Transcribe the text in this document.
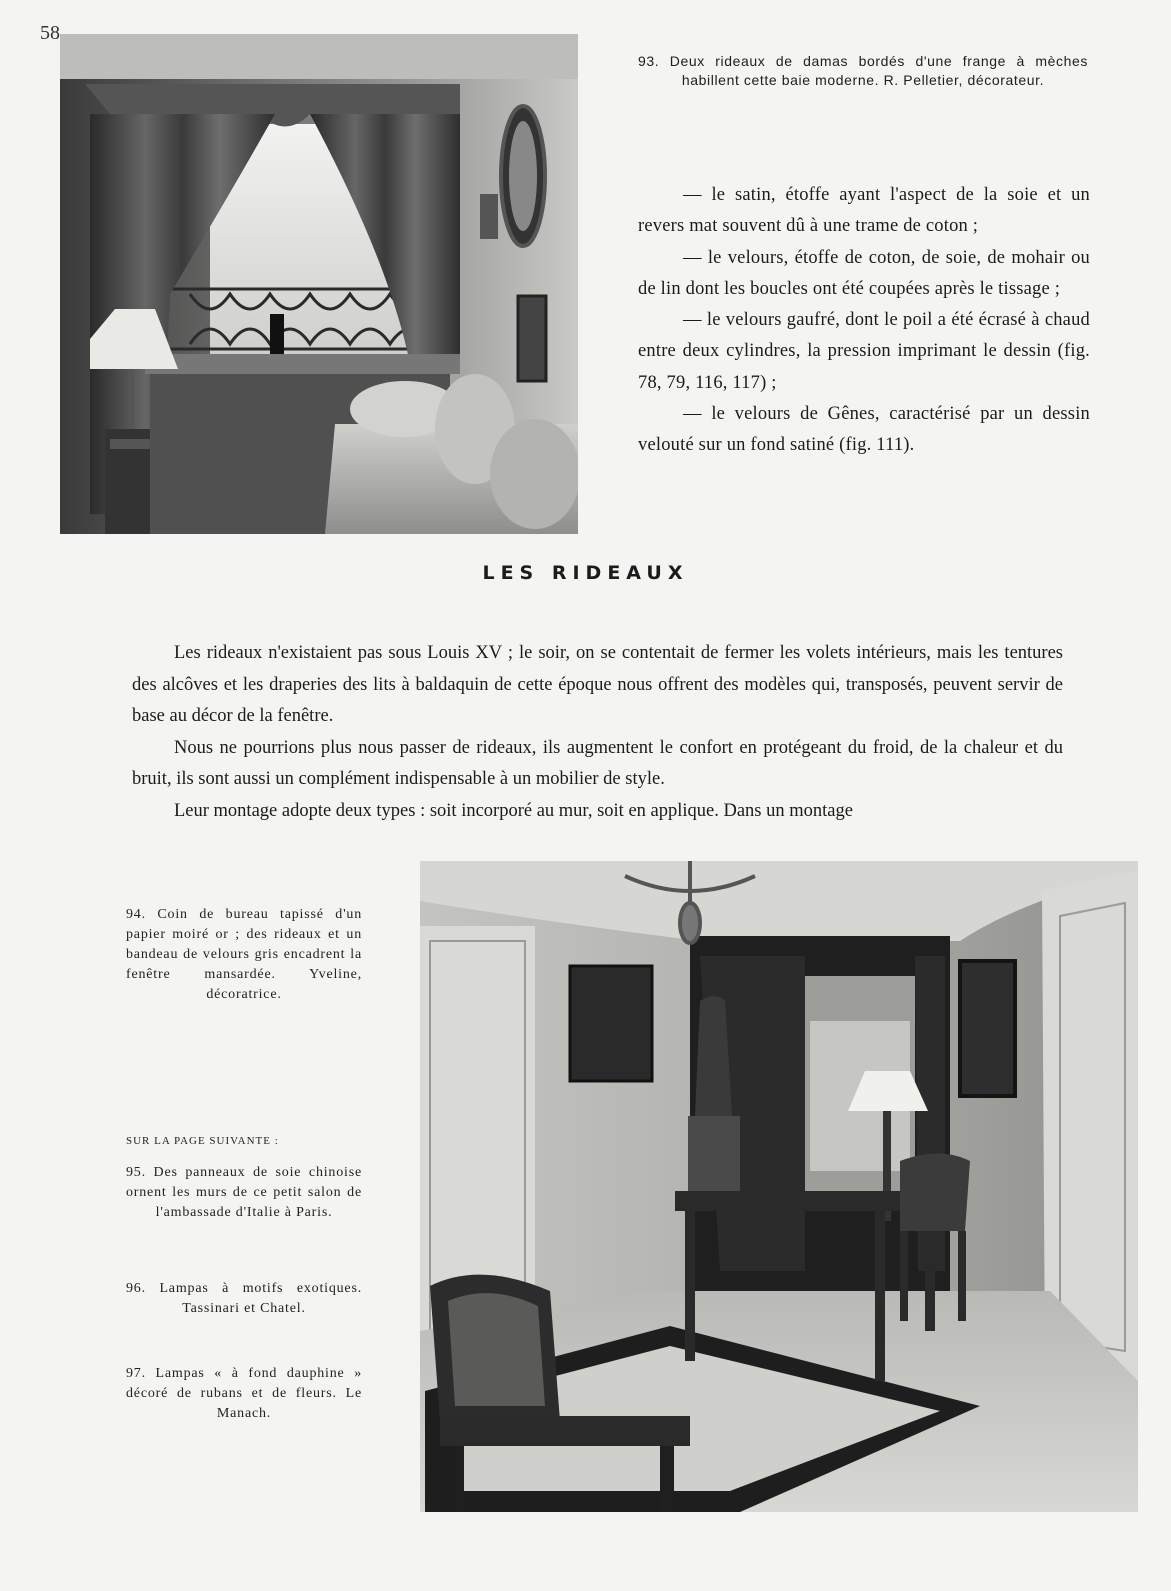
58
93. Deux rideaux de damas bordés d'une frange à mèches habillent cette baie moderne. R. Pelletier, décorateur.

— le satin, étoffe ayant l'aspect de la soie et un revers mat souvent dû à une trame de coton ;

— le velours, étoffe de coton, de soie, de mohair ou de lin dont les boucles ont été coupées après le tissage ;

— le velours gaufré, dont le poil a été écrasé à chaud entre deux cylindres, la pression imprimant le dessin (fig. 78, 79, 116, 117) ;

— le velours de Gênes, caractérisé par un dessin velouté sur un fond satiné (fig. 111).

LES RIDEAUX

Les rideaux n'existaient pas sous Louis XV ; le soir, on se contentait de fermer les volets intérieurs, mais les tentures des alcôves et les draperies des lits à baldaquin de cette époque nous offrent des modèles qui, transposés, peuvent servir de base au décor de la fenêtre.

Nous ne pourrions plus nous passer de rideaux, ils augmentent le confort en protégeant du froid, de la chaleur et du bruit, ils sont aussi un complément indispensable à un mobilier de style.

Leur montage adopte deux types : soit incorporé au mur, soit en applique. Dans un montage

94. Coin de bureau tapissé d'un papier moiré or ; des rideaux et un bandeau de velours gris encadrent la fenêtre mansardée. Yveline, décoratrice.

SUR LA PAGE SUIVANTE :

95. Des panneaux de soie chinoise ornent les murs de ce petit salon de l'ambassade d'Italie à Paris.

96. Lampas à motifs exotiques. Tassinari et Chatel.

97. Lampas « à fond dauphine » décoré de rubans et de fleurs. Le Manach.
